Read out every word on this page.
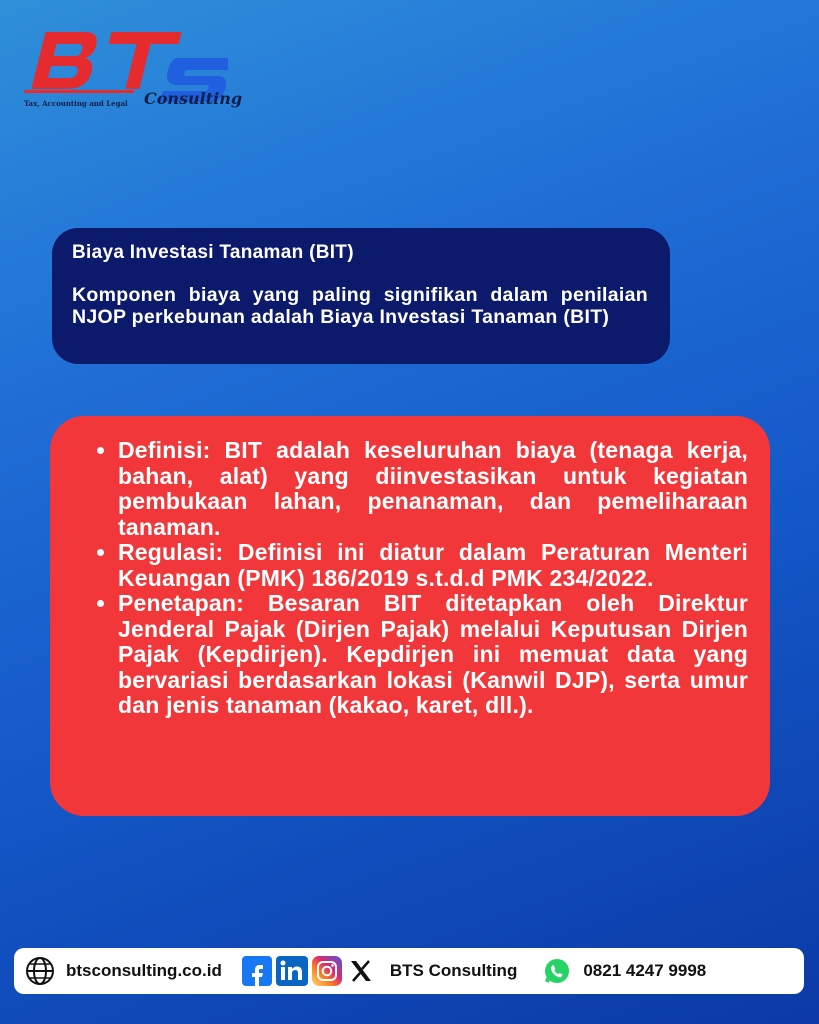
Tax, Accounting and Legal Consulting

Biaya Investasi Tanaman (BIT)

Komponen biaya yang paling signifikan dalam penilaian NJOP perkebunan adalah Biaya Investasi Tanaman (BIT)

• Definisi: BIT adalah keseluruhan biaya (tenaga kerja, bahan, alat) yang diinvestasikan untuk kegiatan pembukaan lahan, penanaman, dan pemeliharaan tanaman.
• Regulasi: Definisi ini diatur dalam Peraturan Menteri Keuangan (PMK) 186/2019 s.t.d.d PMK 234/2022.
• Penetapan: Besaran BIT ditetapkan oleh Direktur Jenderal Pajak (Dirjen Pajak) melalui Keputusan Dirjen Pajak (Kepdirjen). Kepdirjen ini memuat data yang bervariasi berdasarkan lokasi (Kanwil DJP), serta umur dan jenis tanaman (kakao, karet, dll.).
btsconsulting.co.id	BTS Consulting	0821 4247 9998
